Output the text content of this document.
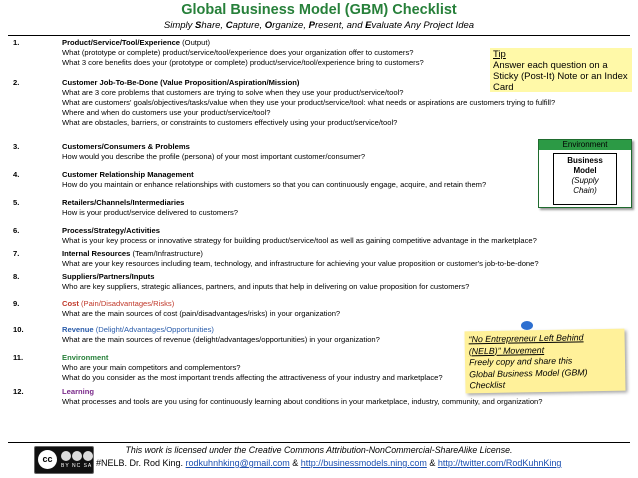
Global Business Model (GBM) Checklist
Simply Share, Capture, Organize, Present, and Evaluate Any Project Idea
1.	Product/Service/Tool/Experience (Output)
What (prototype or complete) product/service/tool/experience does your organization offer to customers?
What 3 core benefits does your (prototype or complete) product/service/tool/experience bring to customers?
2.	Customer Job-To-Be-Done (Value Proposition/Aspiration/Mission)
What are 3 core problems that customers are trying to solve when they use your product/service/tool?
What are customers' goals/objectives/tasks/value when they use your product/service/tool: what needs or aspirations are customers trying to fulfill?
Where and when do customers use your product/service/tool?
What are obstacles, barriers, or constraints to customers effectively using your product/service/tool?
3.	Customers/Consumers & Problems
How would you describe the profile (persona) of your most important customer/consumer?
4.	Customer Relationship Management
How do you maintain or enhance relationships with customers so that you can continuously engage, acquire, and retain them?
5.	Retailers/Channels/Intermediaries
How is your product/service delivered to customers?
6.	Process/Strategy/Activities
What is your key process or innovative strategy for building product/service/tool as well as gaining competitive advantage in the marketplace?
7.	Internal Resources (Team/Infrastructure)
What are your key resources including team, technology, and infrastructure for achieving your value proposition or customer's job-to-be-done?
8.	Suppliers/Partners/Inputs
Who are key suppliers, strategic alliances, partners, and inputs that help in delivering on value proposition for customers?
9.	Cost (Pain/Disadvantages/Risks)
What are the main sources of cost (pain/disadvantages/risks) in your organization?
10.	Revenue (Delight/Advantages/Opportunities)
What are the main sources of revenue (delight/advantages/opportunities) in your organization?
11.	Environment
Who are your main competitors and complementors?
What do you consider as the most important trends affecting the attractiveness of your industry and marketplace?
12.	Learning
What processes and tools are you using for continuously learning about conditions in your marketplace, industry, community, and organization?
Tip
Answer each question on a Sticky (Post-It) Note or an Index Card
Environment
Business
Model
(Supply
Chain)
“No Entrepreneur Left Behind
(NELB)” Movement
Freely copy and share this
Global Business Model (GBM)
Checklist
This work is licensed under the Creative Commons Attribution-NonCommercial-ShareAlike License.
cc
BY NC SA #NELB. Dr. Rod King. rodkuhnhking@gmail.com & http://businessmodels.ning.com & http://twitter.com/RodKuhnKing
